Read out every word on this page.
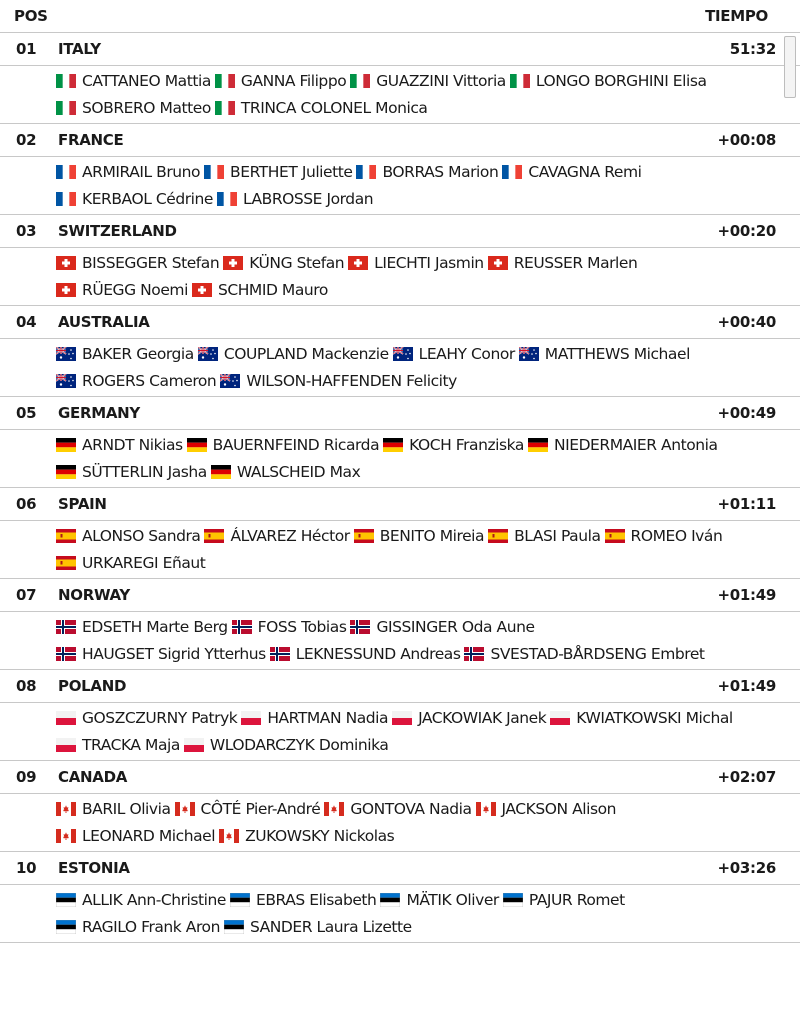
POS	TIEMPO
01	ITALY	51:32
CATTANEO Mattia GANNA Filippo GUAZZINI Vittoria LONGO BORGHINI Elisa
SOBRERO Matteo TRINCA COLONEL Monica
02	FRANCE	+00:08
ARMIRAIL Bruno BERTHET Juliette BORRAS Marion CAVAGNA Remi
KERBAOL Cédrine LABROSSE Jordan
03	SWITZERLAND	+00:20
BISSEGGER Stefan KÜNG Stefan LIECHTI Jasmin REUSSER Marlen
RÜEGG Noemi SCHMID Mauro
04	AUSTRALIA	+00:40
BAKER Georgia COUPLAND Mackenzie LEAHY Conor MATTHEWS Michael
ROGERS Cameron WILSON-HAFFENDEN Felicity
05	GERMANY	+00:49
ARNDT Nikias BAUERNFEIND Ricarda KOCH Franziska NIEDERMAIER Antonia
SÜTTERLIN Jasha WALSCHEID Max
06	SPAIN	+01:11
ALONSO Sandra ÁLVAREZ Héctor BENITO Mireia BLASI Paula ROMEO Iván
URKAREGI Eñaut
07	NORWAY	+01:49
EDSETH Marte Berg FOSS Tobias GISSINGER Oda Aune
HAUGSET Sigrid Ytterhus LEKNESSUND Andreas SVESTAD-BÅRDSENG Embret
08	POLAND	+01:49
GOSZCZURNY Patryk HARTMAN Nadia JACKOWIAK Janek KWIATKOWSKI Michal
TRACKA Maja WLODARCZYK Dominika
09	CANADA	+02:07
BARIL Olivia CÔTÉ Pier-André GONTOVA Nadia JACKSON Alison
LEONARD Michael ZUKOWSKY Nickolas
10	ESTONIA	+03:26
ALLIK Ann-Christine EBRAS Elisabeth MÄTIK Oliver PAJUR Romet
RAGILO Frank Aron SANDER Laura Lizette
